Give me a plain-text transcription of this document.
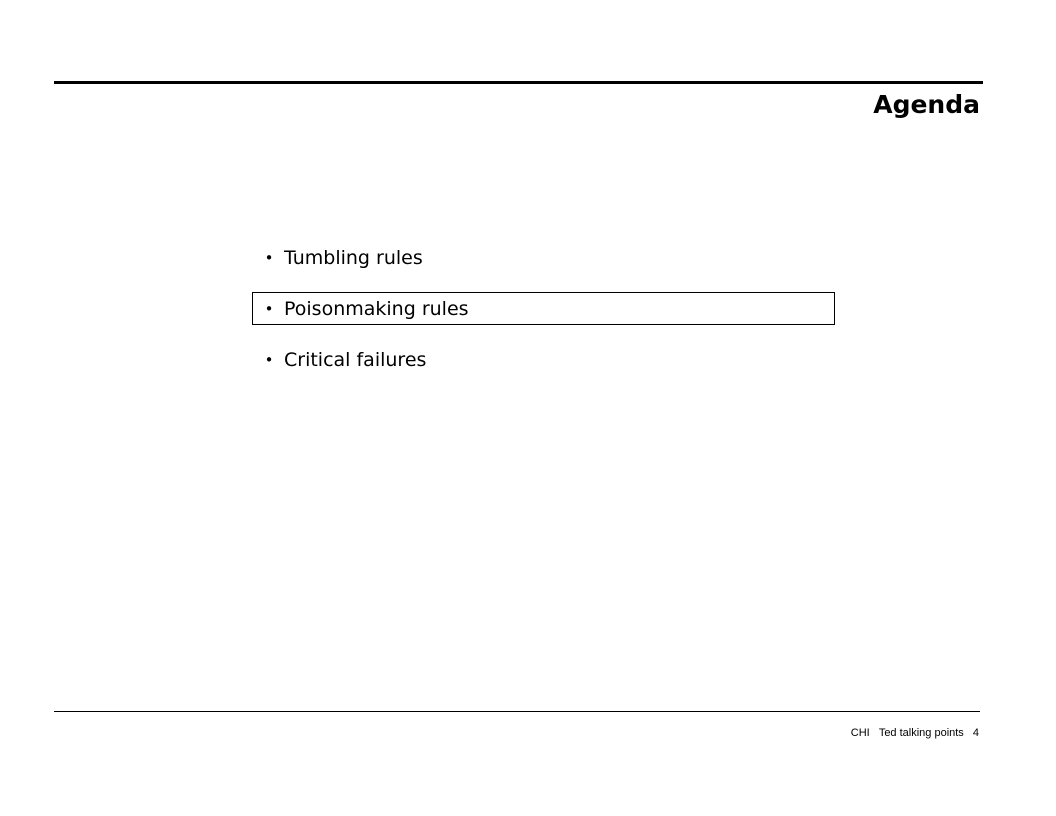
Agenda
• Tumbling rules
• Poisonmaking rules
• Critical failures
CHI Ted talking points 4
